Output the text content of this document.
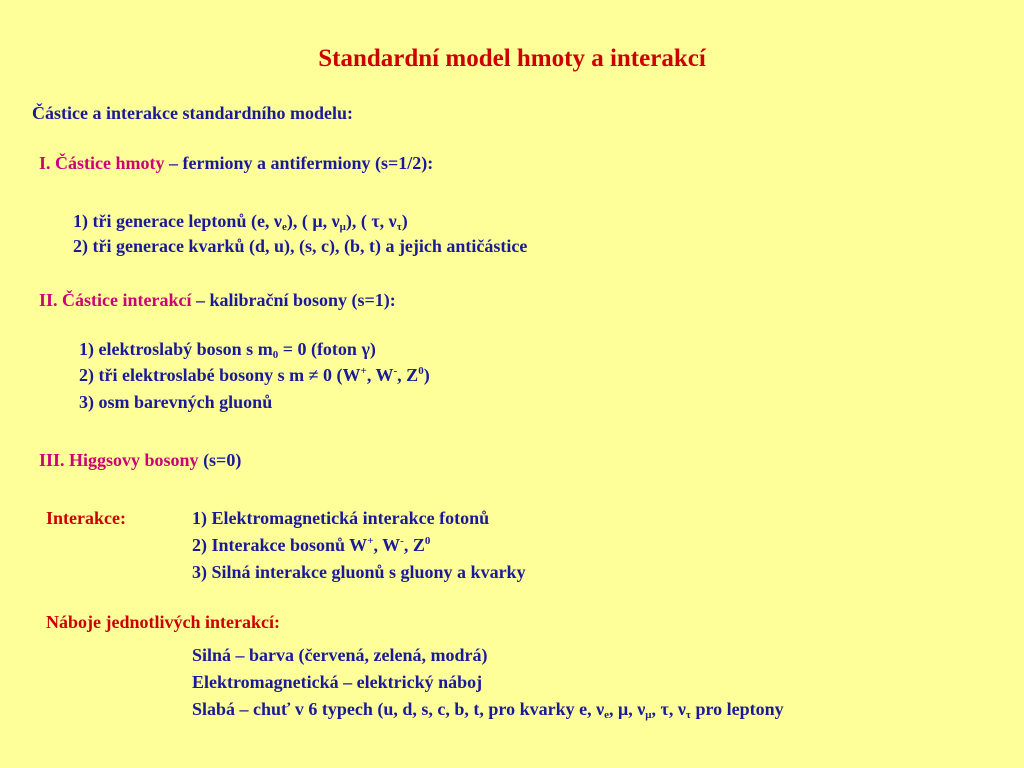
Standardní model hmoty a interakcí
Částice a interakce standardního modelu:
I. Částice hmoty – fermiony a antifermiony (s=1/2):
1) tři generace leptonů (e, $\nu_e$), ( μ, $\nu_\mu$), ( τ, $\nu_\tau$)
2) tři generace kvarků (d, u), (s, c), (b, t) a jejich antičástice
II. Částice interakcí – kalibrační bosony (s=1):
1) elektroslabý boson s $m_0 = 0$ (foton γ)
2) tři elektroslabé bosony s m ≠ 0 (W+, W-, $Z^0$)
3) osm barevných gluonů
III. Higgsovy bosony (s=0)
Interakce:	1) Elektromagnetická interakce fotonů
2) Interakce bosonů W+, W-, $Z^0$
3) Silná interakce gluonů s gluony a kvarky
Náboje jednotlivých interakcí:
Silná – barva (červená, zelená, modrá)
Elektromagnetická – elektrický náboj
Slabá – chuť v 6 typech (u, d, s, c, b, t, pro kvarky e, $\nu_e$, μ, $\nu_\mu$, τ, $\nu_\tau$ pro leptony
